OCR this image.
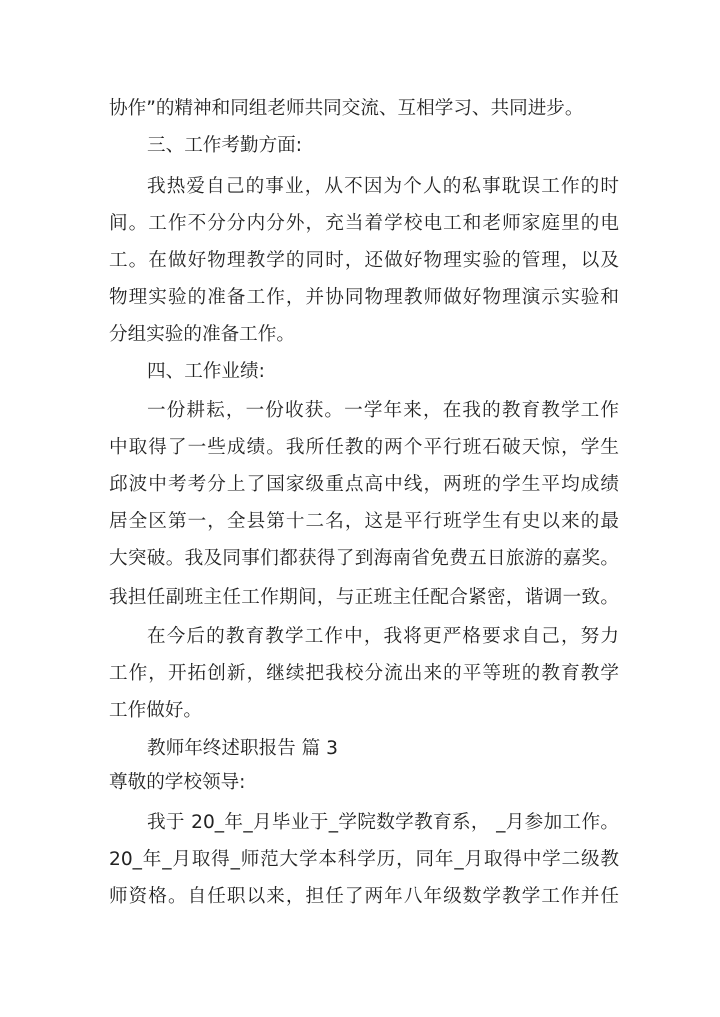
协作”的精神和同组老师共同交流、互相学习、共同进步。
三、工作考勤方面:
我热爱自己的事业，从不因为个人的私事耽误工作的时
间。工作不分分内分外，充当着学校电工和老师家庭里的电
工。在做好物理教学的同时，还做好物理实验的管理，以及
物理实验的准备工作，并协同物理教师做好物理演示实验和
分组实验的准备工作。
四、工作业绩:
一份耕耘，一份收获。一学年来，在我的教育教学工作
中取得了一些成绩。我所任教的两个平行班石破天惊，学生
邱波中考考分上了国家级重点高中线，两班的学生平均成绩
居全区第一，全县第十二名，这是平行班学生有史以来的最
大突破。我及同事们都获得了到海南省免费五日旅游的嘉奖。
我担任副班主任工作期间，与正班主任配合紧密，谐调一致。
在今后的教育教学工作中，我将更严格要求自己，努力
工作，开拓创新，继续把我校分流出来的平等班的教育教学
工作做好。
教师年终述职报告 篇 3
尊敬的学校领导:
我于 20_年_月毕业于_学院数学教育系， _月参加工作。
20_年_月取得_师范大学本科学历，同年_月取得中学二级教
师资格。自任职以来，担任了两年八年级数学教学工作并任
